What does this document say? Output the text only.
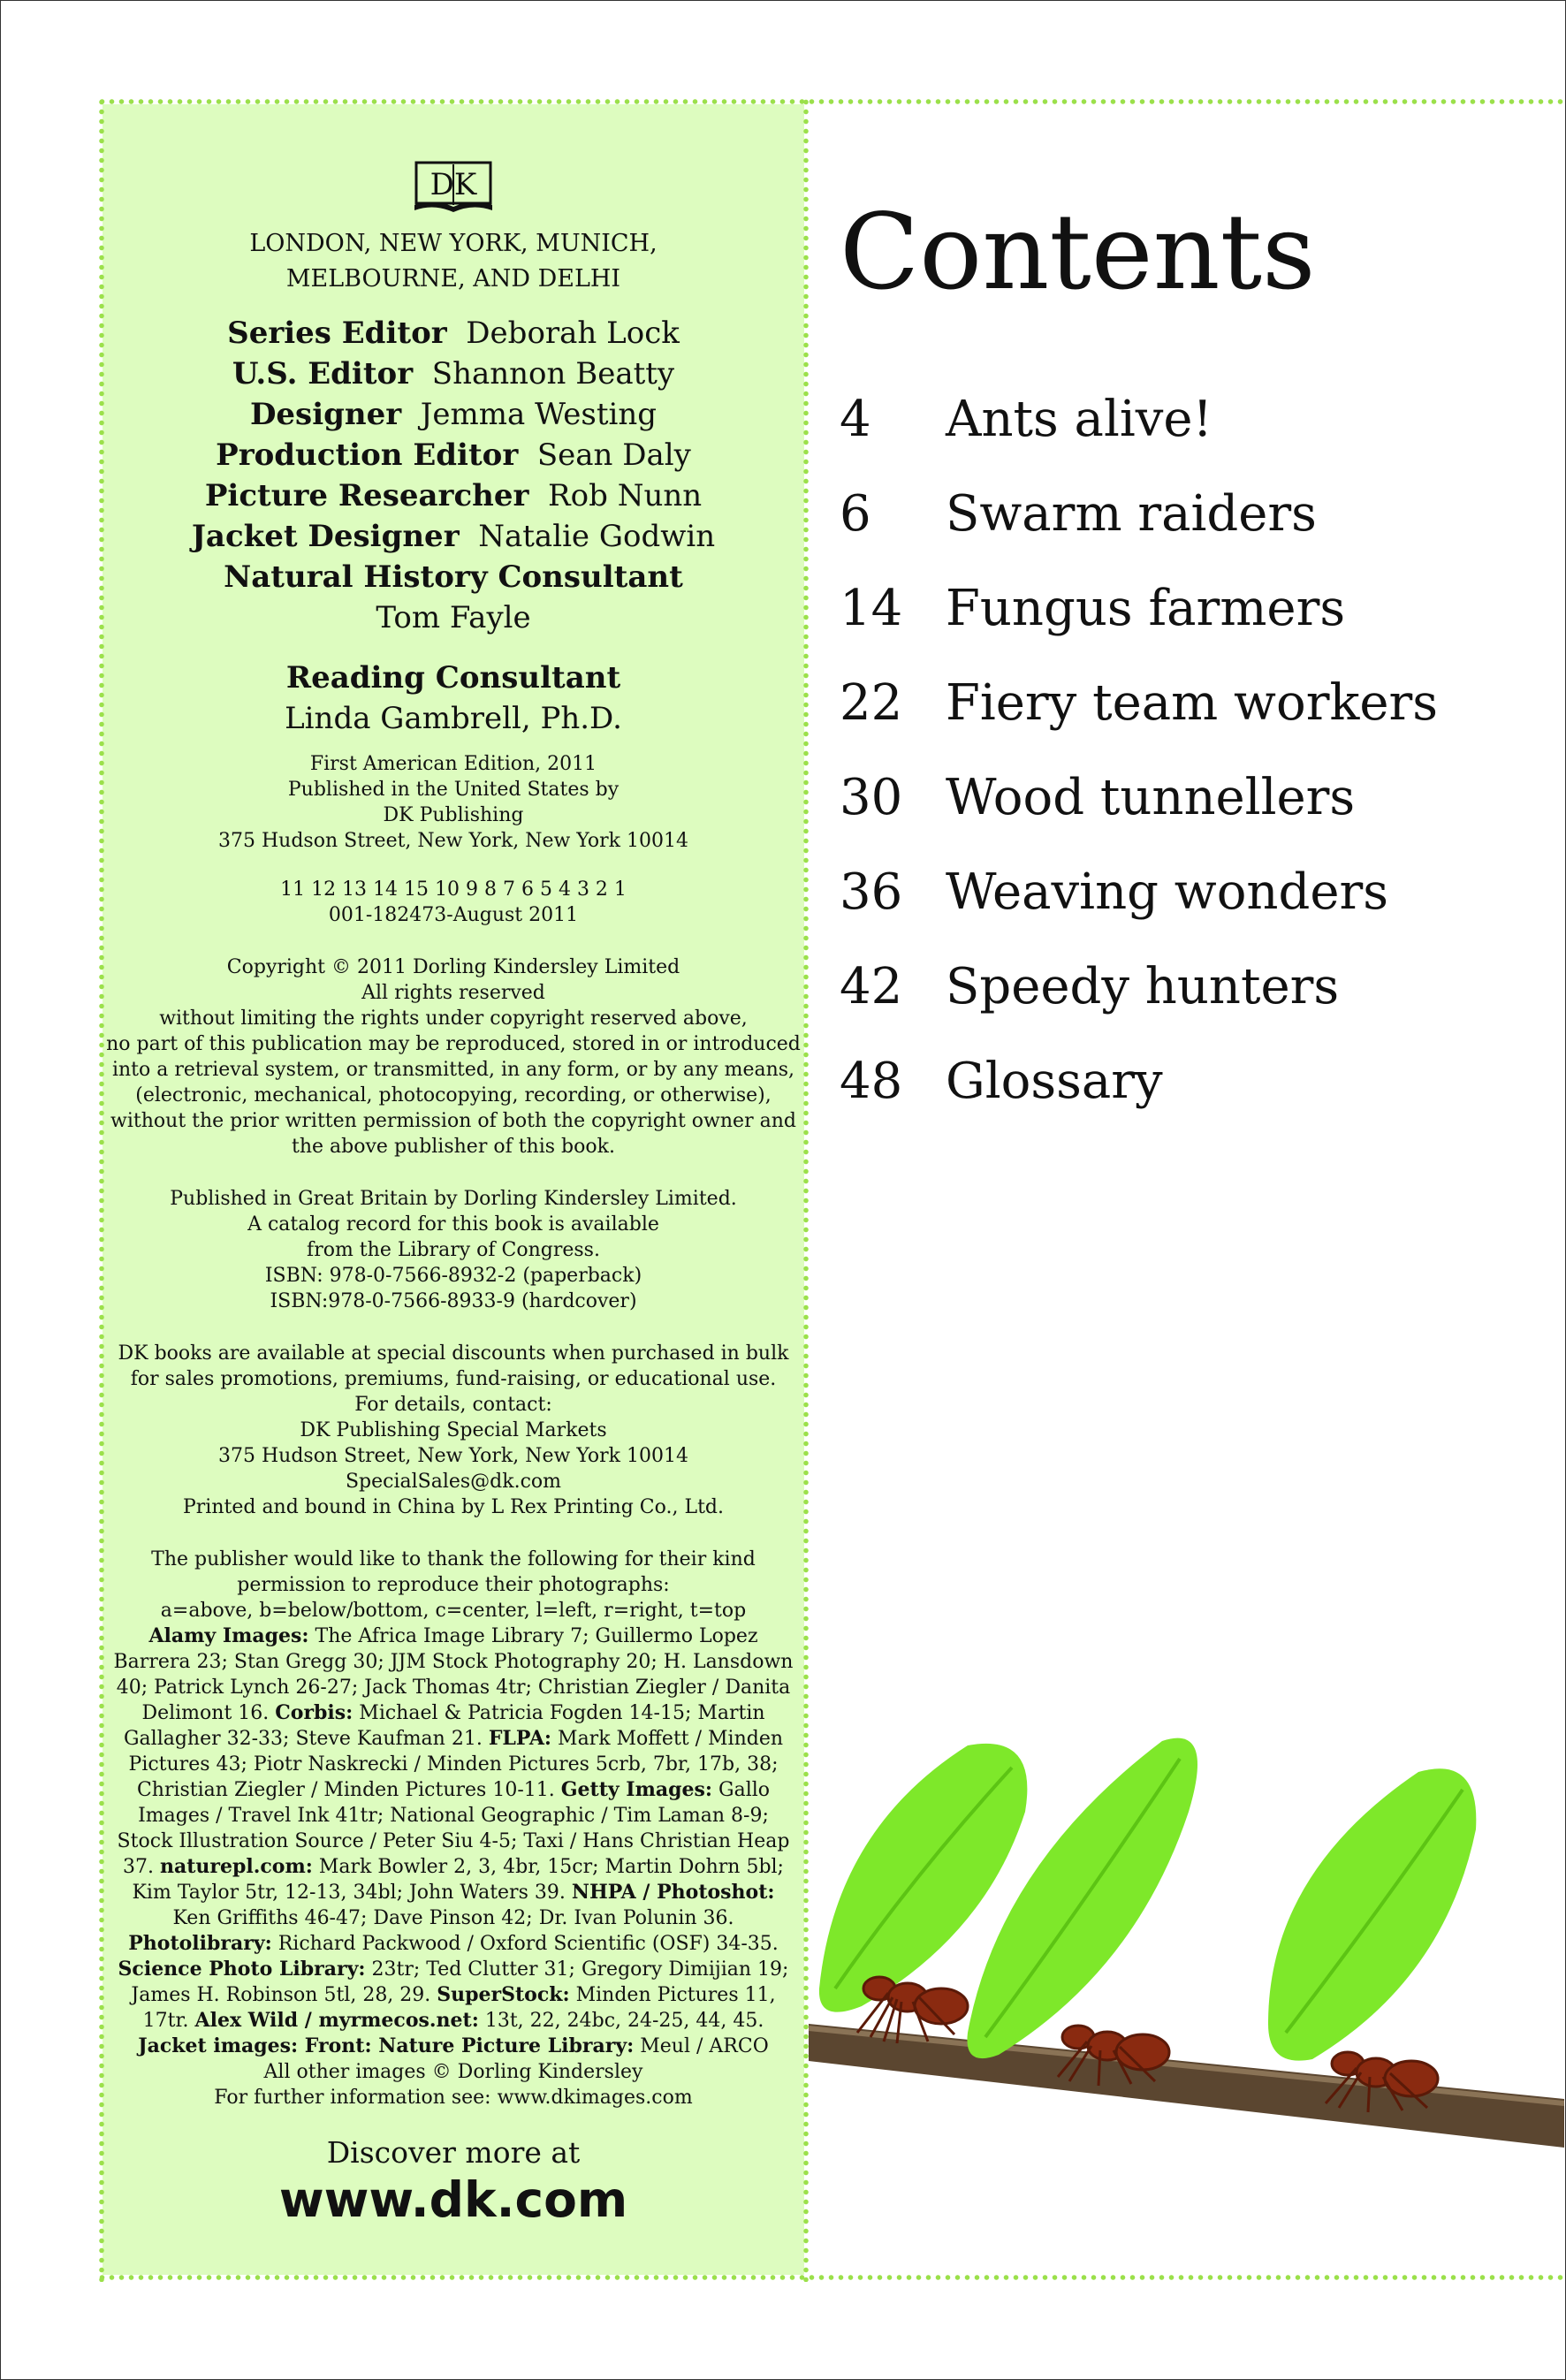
DK
LONDON, NEW YORK, MUNICH,
MELBOURNE, AND DELHI
Series Editor Deborah Lock
U.S. Editor Shannon Beatty
Designer Jemma Westing
Production Editor Sean Daly
Picture Researcher Rob Nunn
Jacket Designer Natalie Godwin
Natural History Consultant
Tom Fayle
Reading Consultant
Linda Gambrell, Ph.D.
First American Edition, 2011
Published in the United States by
DK Publishing
375 Hudson Street, New York, New York 10014
11 12 13 14 15 10 9 8 7 6 5 4 3 2 1
001-182473-August 2011
Copyright © 2011 Dorling Kindersley Limited
All rights reserved
without limiting the rights under copyright reserved above,
no part of this publication may be reproduced, stored in or introduced
into a retrieval system, or transmitted, in any form, or by any means,
(electronic, mechanical, photocopying, recording, or otherwise),
without the prior written permission of both the copyright owner and
the above publisher of this book.
Published in Great Britain by Dorling Kindersley Limited.
A catalog record for this book is available
from the Library of Congress.
ISBN: 978-0-7566-8932-2 (paperback)
ISBN:978-0-7566-8933-9 (hardcover)
DK books are available at special discounts when purchased in bulk
for sales promotions, premiums, fund-raising, or educational use.
For details, contact:
DK Publishing Special Markets
375 Hudson Street, New York, New York 10014
SpecialSales@dk.com
Printed and bound in China by L Rex Printing Co., Ltd.
The publisher would like to thank the following for their kind
permission to reproduce their photographs:
a=above, b=below/bottom, c=center, l=left, r=right, t=top
Alamy Images: The Africa Image Library 7; Guillermo Lopez
Barrera 23; Stan Gregg 30; JJM Stock Photography 20; H. Lansdown
40; Patrick Lynch 26-27; Jack Thomas 4tr; Christian Ziegler / Danita
Delimont 16. Corbis: Michael & Patricia Fogden 14-15; Martin
Gallagher 32-33; Steve Kaufman 21. FLPA: Mark Moffett / Minden
Pictures 43; Piotr Naskrecki / Minden Pictures 5crb, 7br, 17b, 38;
Christian Ziegler / Minden Pictures 10-11. Getty Images: Gallo
Images / Travel Ink 41tr; National Geographic / Tim Laman 8-9;
Stock Illustration Source / Peter Siu 4-5; Taxi / Hans Christian Heap
37. naturepl.com: Mark Bowler 2, 3, 4br, 15cr; Martin Dohrn 5bl;
Kim Taylor 5tr, 12-13, 34bl; John Waters 39. NHPA / Photoshot:
Ken Griffiths 46-47; Dave Pinson 42; Dr. Ivan Polunin 36.
Photolibrary: Richard Packwood / Oxford Scientific (OSF) 34-35.
Science Photo Library: 23tr; Ted Clutter 31; Gregory Dimijian 19;
James H. Robinson 5tl, 28, 29. SuperStock: Minden Pictures 11,
17tr. Alex Wild / myrmecos.net: 13t, 22, 24bc, 24-25, 44, 45.
Jacket images: Front: Nature Picture Library: Meul / ARCO
All other images © Dorling Kindersley
For further information see: www.dkimages.com
Discover more at
www.dk.com
Contents
4 Ants alive!
6 Swarm raiders
14 Fungus farmers
22 Fiery team workers
30 Wood tunnellers
36 Weaving wonders
42 Speedy hunters
48 Glossary
